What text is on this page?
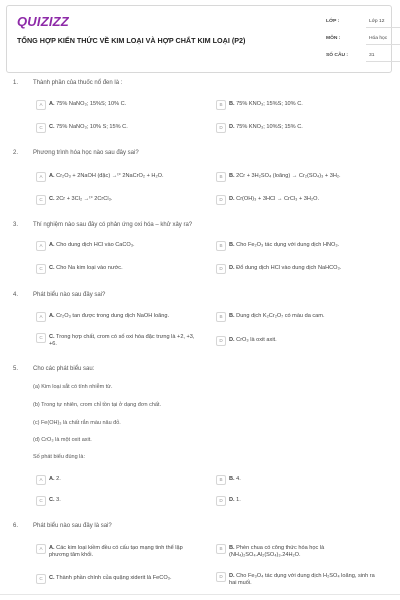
QUIZIZZ
TỔNG HỢP KIẾN THỨC VỀ KIM LOẠI VÀ HỢP CHẤT KIM LOẠI (P2)
LỚP :	Lớp 12
MÔN :	Hóa học
SỐ CÂU :	31
1. Thành phần của thuốc nổ đen là :
A	A. 75% NaNO₃; 15%S; 10% C.	B	B. 75% KNO₃; 15%S; 10% C.
C	C. 75% NaNO₃; 10% S; 15% C.	D	D. 75% KNO₃; 10%S; 15% C.
2. Phương trình hóa học nào sau đây sai?
A	A. Cr₂O₃ + 2NaOH (đặc) →ᵗ° 2NaCrO₂ + H₂O.	B	B. 2Cr + 3H₂SO₄ (loãng) → Cr₂(SO₄)₃ + 3H₂.
C	C. 2Cr + 3Cl₂ →ᵗ° 2CrCl₃.	D	D. Cr(OH)₃ + 3HCl → CrCl₃ + 3H₂O.
3. Thí nghiệm nào sau đây có phản ứng oxi hóa – khử xảy ra?
A	A. Cho dung dịch HCl vào CaCO₃.	B	B. Cho Fe₂O₃ tác dụng với dung dịch HNO₃.
C	C. Cho Na kim loại vào nước.	D	D. Đổ dung dịch HCl vào dung dịch NaHCO₃.
4. Phát biểu nào sau đây sai?
A	A. Cr₂O₃ tan được trong dung dịch NaOH loãng.	B	B. Dung dịch K₂Cr₂O₇ có màu da cam.
C	C. Trong hợp chất, crom có số oxi hóa đặc trưng là +2, +3, +6.
D	D. CrO₃ là oxit axit.
5. Cho các phát biểu sau:
(a) Kim loại sắt có tính nhiễm từ.
(b) Trong tự nhiên, crom chỉ tồn tại ở dạng đơn chất.
(c) Fe(OH)₃ là chất rắn màu nâu đỏ.
(d) CrO₃ là một oxit axit.
Số phát biểu đúng là:
A	A. 2.	B	B. 4.
C	C. 3.	D	D. 1.
6. Phát biểu nào sau đây là sai?
A	A. Các kim loại kiềm đều có cấu tạo mạng tinh thể lập phương tâm khối.
B	B. Phèn chua có công thức hóa học là (NH₄)₂SO₄.Al₂(SO₄)₃.24H₂O.
C	C. Thành phần chính của quặng xiderit là FeCO₃.	D	D. Cho Fe₃O₄ tác dụng với dung dịch H₂SO₄ loãng, sinh ra hai muối.
